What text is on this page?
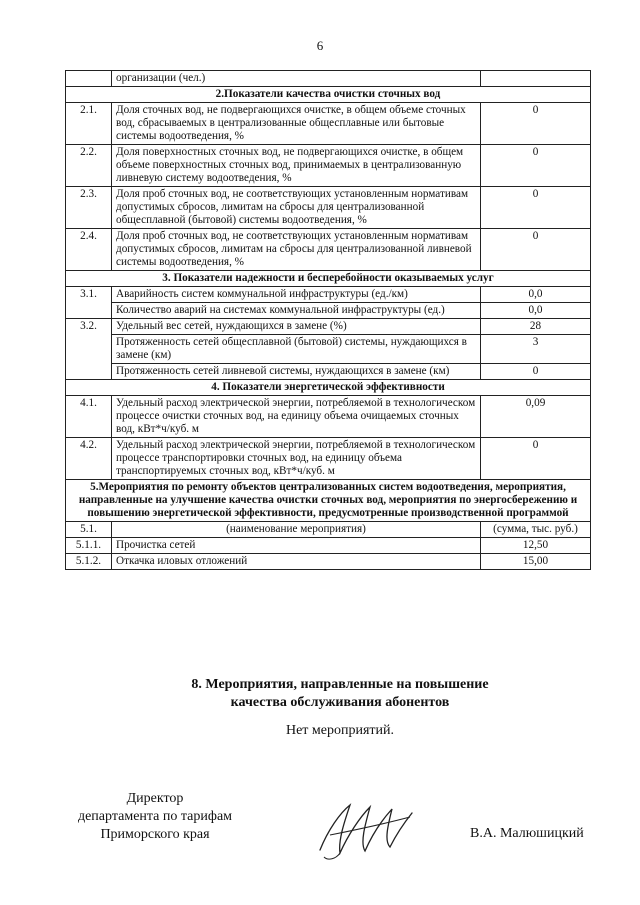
6
	организации (чел.)	
2.Показатели качества очистки сточных вод		
2.1.	Доля сточных вод, не подвергающихся очистке, в общем объеме сточных вод, сбрасываемых в централизованные общесплавные или бытовые системы водоотведения, %	0
2.2.	Доля поверхностных сточных вод, не подвергающихся очистке, в общем объеме поверхностных сточных вод, принимаемых в централизованную ливневую систему водоотведения, %	0
2.3.	Доля проб сточных вод, не соответствующих установленным нормативам допустимых сбросов, лимитам на сбросы для централизованной общесплавной (бытовой) системы водоотведения, %	0
2.4.	Доля проб сточных вод, не соответствующих установленным нормативам допустимых сбросов, лимитам на сбросы для централизованной ливневой системы водоотведения, %	0
3. Показатели надежности и бесперебойности оказываемых услуг		
3.1.	Аварийность систем коммунальной инфраструктуры (ед./км)	0,0
	Количество аварий на системах коммунальной инфраструктуры (ед.)	0,0
3.2.	Удельный вес сетей, нуждающихся в замене (%)	28
	Протяженность сетей общесплавной (бытовой) системы, нуждающихся в замене (км)	3
	Протяженность сетей ливневой системы, нуждающихся в замене (км)	0
4. Показатели энергетической эффективности		
4.1.	Удельный расход электрической энергии, потребляемой в технологическом процессе очистки сточных вод, на единицу объема очищаемых сточных вод, кВт*ч/куб. м	0,09
4.2.	Удельный расход электрической энергии, потребляемой в технологическом процессе транспортировки сточных вод, на единицу объема транспортируемых сточных вод, кВт*ч/куб. м	0
5.Мероприятия по ремонту объектов централизованных систем водоотведения, мероприятия, направленные на улучшение качества очистки сточных вод, мероприятия по энергосбережению и повышению энергетической эффективности, предусмотренные производственной программой		
5.1.	(наименование мероприятия)	(сумма, тыс. руб.)
5.1.1.	Прочистка сетей	12,50
5.1.2.	Откачка иловых отложений	15,00
8. Мероприятия, направленные на повышение качества обслуживания абонентов
Нет мероприятий.
Директор
департамента по тарифам
Приморского края	В.А. Малюшицкий
